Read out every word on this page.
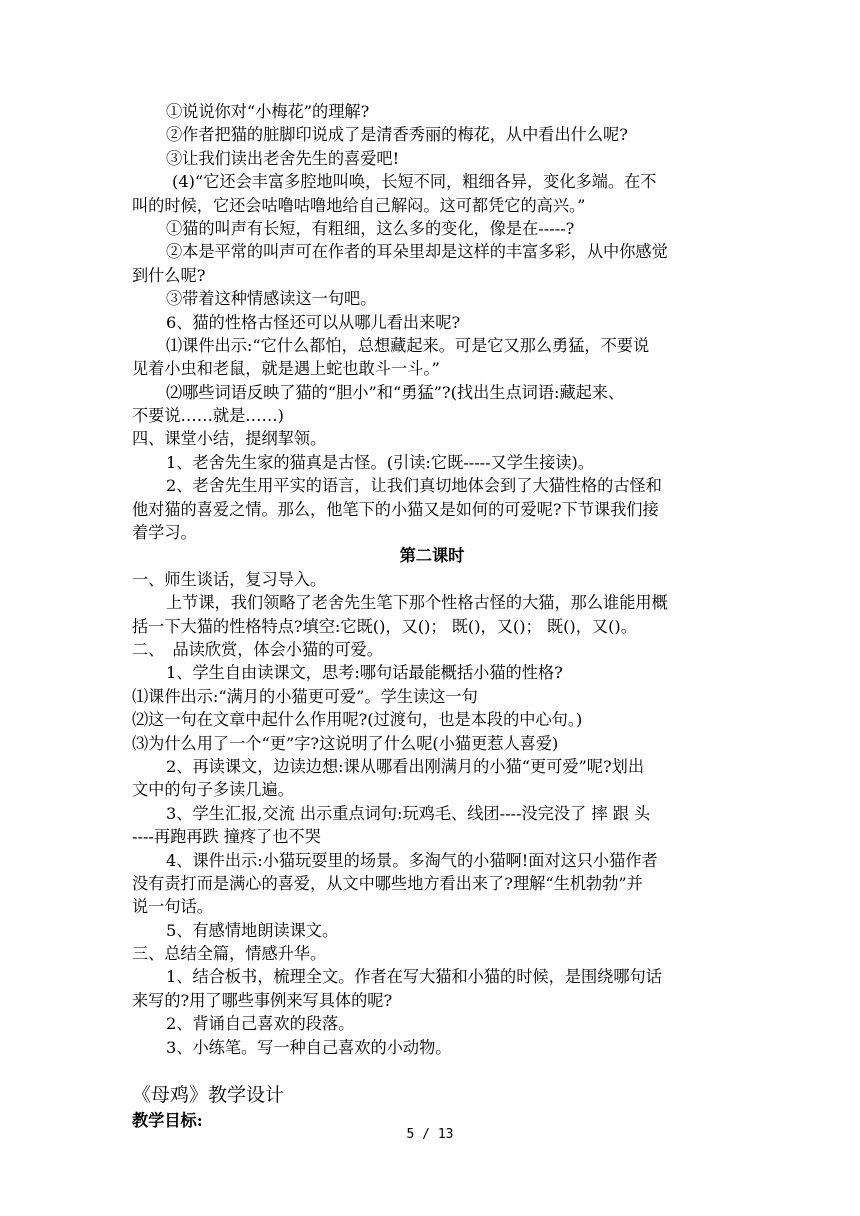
①说说你对“小梅花”的理解?
②作者把猫的脏脚印说成了是清香秀丽的梅花，从中看出什么呢?
③让我们读出老舍先生的喜爱吧!
(4)“它还会丰富多腔地叫唤，长短不同，粗细各异，变化多端。在不
叫的时候，它还会咕噜咕噜地给自己解闷。这可都凭它的高兴。”
①猫的叫声有长短，有粗细，这么多的变化，像是在-----?
②本是平常的叫声可在作者的耳朵里却是这样的丰富多彩，从中你感觉
到什么呢?
③带着这种情感读这一句吧。
6、猫的性格古怪还可以从哪儿看出来呢?
⑴课件出示:“它什么都怕，总想藏起来。可是它又那么勇猛，不要说
见着小虫和老鼠，就是遇上蛇也敢斗一斗。”
⑵哪些词语反映了猫的“胆小”和“勇猛”?(找出生点词语:藏起来、
不要说……就是……)
四、课堂小结，提纲挈领。
1、老舍先生家的猫真是古怪。(引读:它既-----又学生接读)。
2、老舍先生用平实的语言，让我们真切地体会到了大猫性格的古怪和
他对猫的喜爱之情。那么，他笔下的小猫又是如何的可爱呢?下节课我们接
着学习。
第二课时
一、师生谈话，复习导入。
上节课，我们领略了老舍先生笔下那个性格古怪的大猫，那么谁能用概
括一下大猫的性格特点?填空:它既()，又()； 既()，又()； 既()，又()。
二、　品读欣赏，体会小猫的可爱。
1、学生自由读课文，思考:哪句话最能概括小猫的性格?
⑴课件出示:“满月的小猫更可爱”。学生读这一句
⑵这一句在文章中起什么作用呢?(过渡句，也是本段的中心句。)
⑶为什么用了一个“更”字?这说明了什么呢(小猫更惹人喜爱)
2、再读课文，边读边想:课从哪看出刚满月的小猫“更可爱”呢?划出
文中的句子多读几遍。
3、学生汇报,交流 出示重点词句:玩鸡毛、线团----没完没了 摔 跟 头
----再跑再跌 撞疼了也不哭
4、课件出示:小猫玩耍里的场景。多淘气的小猫啊!面对这只小猫作者
没有责打而是满心的喜爱，从文中哪些地方看出来了?理解“生机勃勃”并
说一句话。
5、有感情地朗读课文。
三、总结全篇，情感升华。
1、结合板书，梳理全文。作者在写大猫和小猫的时候，是围绕哪句话
来写的?用了哪些事例来写具体的呢?
2、背诵自己喜欢的段落。
3、小练笔。写一种自己喜欢的小动物。
《母鸡》教学设计
教学目标:
5 / 13
